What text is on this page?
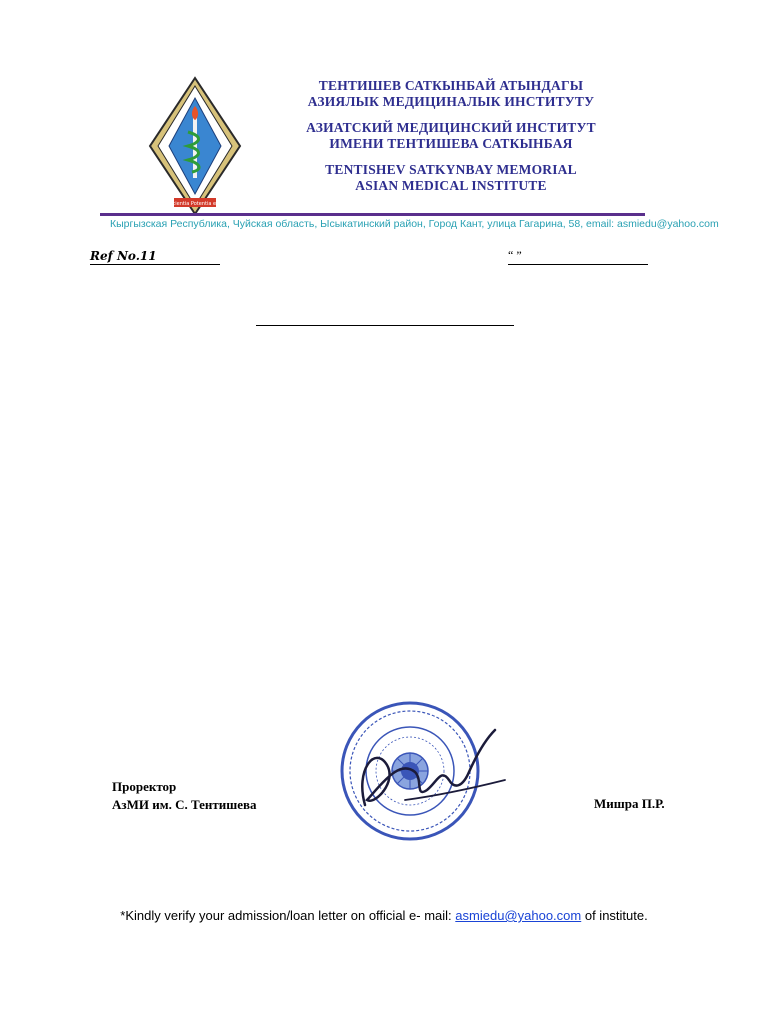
Scientia Potentia est
ТЕНТИШЕВ САТКЫНБАЙ АТЫНДАГЫ
АЗИЯЛЫК МЕДИЦИНАЛЫК ИНСТИТУТУ
АЗИАТСКИЙ МЕДИЦИНСКИЙ ИНСТИТУТ
ИМЕНИ ТЕНТИШЕВА САТКЫНБАЯ
TENTISHEV SATKYNBAY MEMORIAL
ASIAN MEDICAL INSTITUTE
Кыргызская Республика, Чуйская область, Ысыкатинский район, Город Кант, улица Гагарина, 58, email: asmiedu@yahoo.com
Ref No.11	“ ”
Проректор
АзМИ им. С. Тентишева	Мишра П.Р.
*Kindly verify your admission/loan letter on official e- mail: asmiedu@yahoo.com of institute.
